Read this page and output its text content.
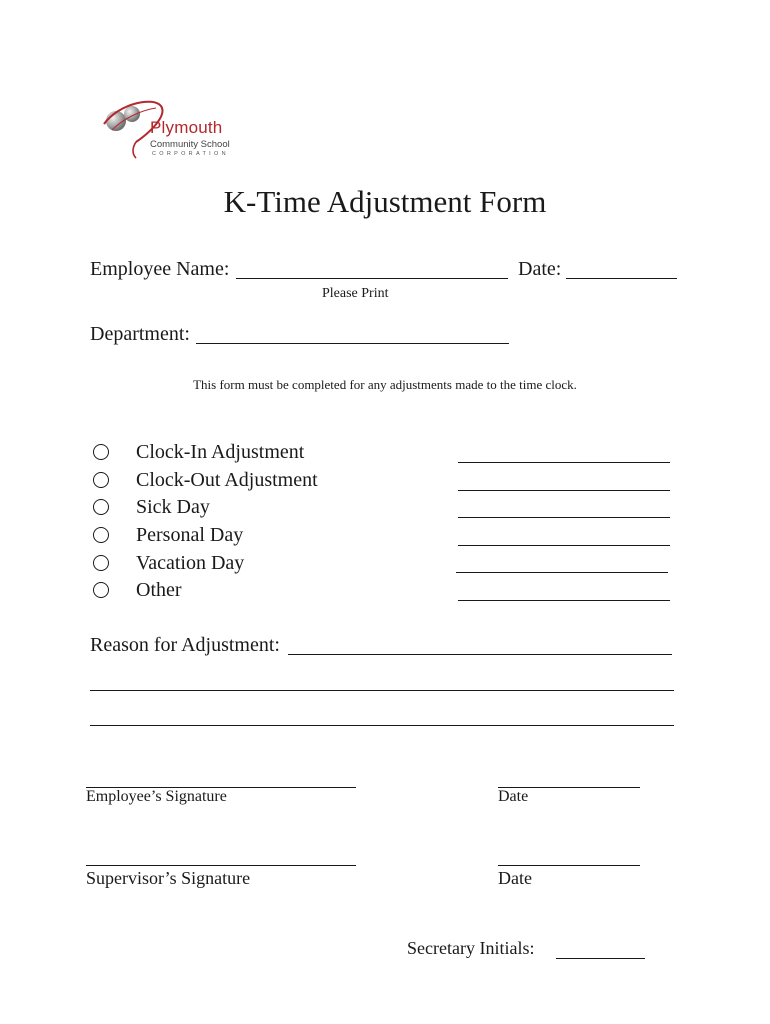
Plymouth
Community School
CORPORATION
K-Time Adjustment Form
Employee Name:	Date:
Please Print
Department:
This form must be completed for any adjustments made to the time clock.
Clock-In Adjustment
Clock-Out Adjustment
Sick Day
Personal Day
Vacation Day
Other
Reason for Adjustment:
Employee’s Signature	Date
Supervisor’s Signature	Date
Secretary Initials:
